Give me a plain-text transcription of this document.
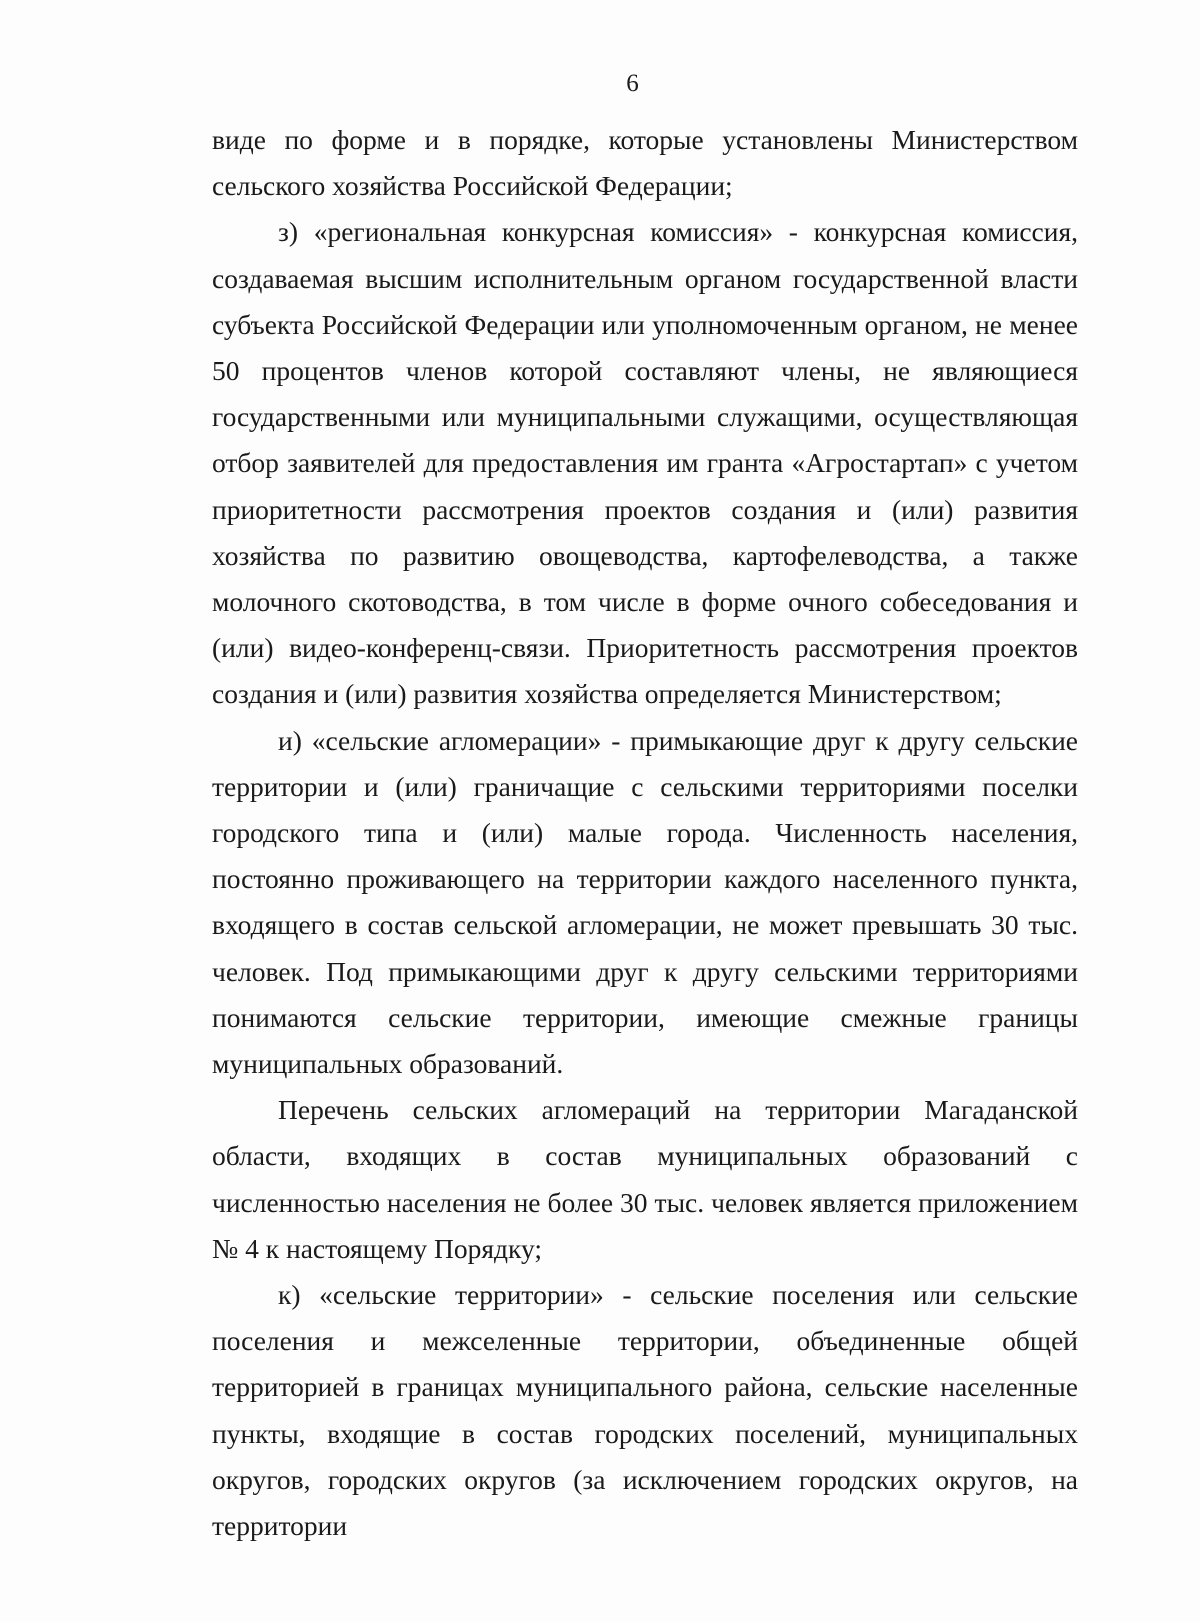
6

виде по форме и в порядке, которые установлены Министерством сельского хозяйства Российской Федерации;

з) «региональная конкурсная комиссия» - конкурсная комиссия, создаваемая высшим исполнительным органом государственной власти субъекта Российской Федерации или уполномоченным органом, не менее 50 процентов членов которой составляют члены, не являющиеся государственными или муниципальными служащими, осуществляющая отбор заявителей для предоставления им гранта «Агростартап» с учетом приоритетности рассмотрения проектов создания и (или) развития хозяйства по развитию овощеводства, картофелеводства, а также молочного скотоводства, в том числе в форме очного собеседования и (или) видео-конференц-связи. Приоритетность рассмотрения проектов создания и (или) развития хозяйства определяется Министерством;

и) «сельские агломерации» - примыкающие друг к другу сельские территории и (или) граничащие с сельскими территориями поселки городского типа и (или) малые города. Численность населения, постоянно проживающего на территории каждого населенного пункта, входящего в состав сельской агломерации, не может превышать 30 тыс. человек. Под примыкающими друг к другу сельскими территориями понимаются сельские территории, имеющие смежные границы муниципальных образований.

Перечень сельских агломераций на территории Магаданской области, входящих в состав муниципальных образований с численностью населения не более 30 тыс. человек является приложением № 4 к настоящему Порядку;

к) «сельские территории» - сельские поселения или сельские поселения и межселенные территории, объединенные общей территорией в границах муниципального района, сельские населенные пункты, входящие в состав городских поселений, муниципальных округов, городских округов (за исключением городских округов, на территории
